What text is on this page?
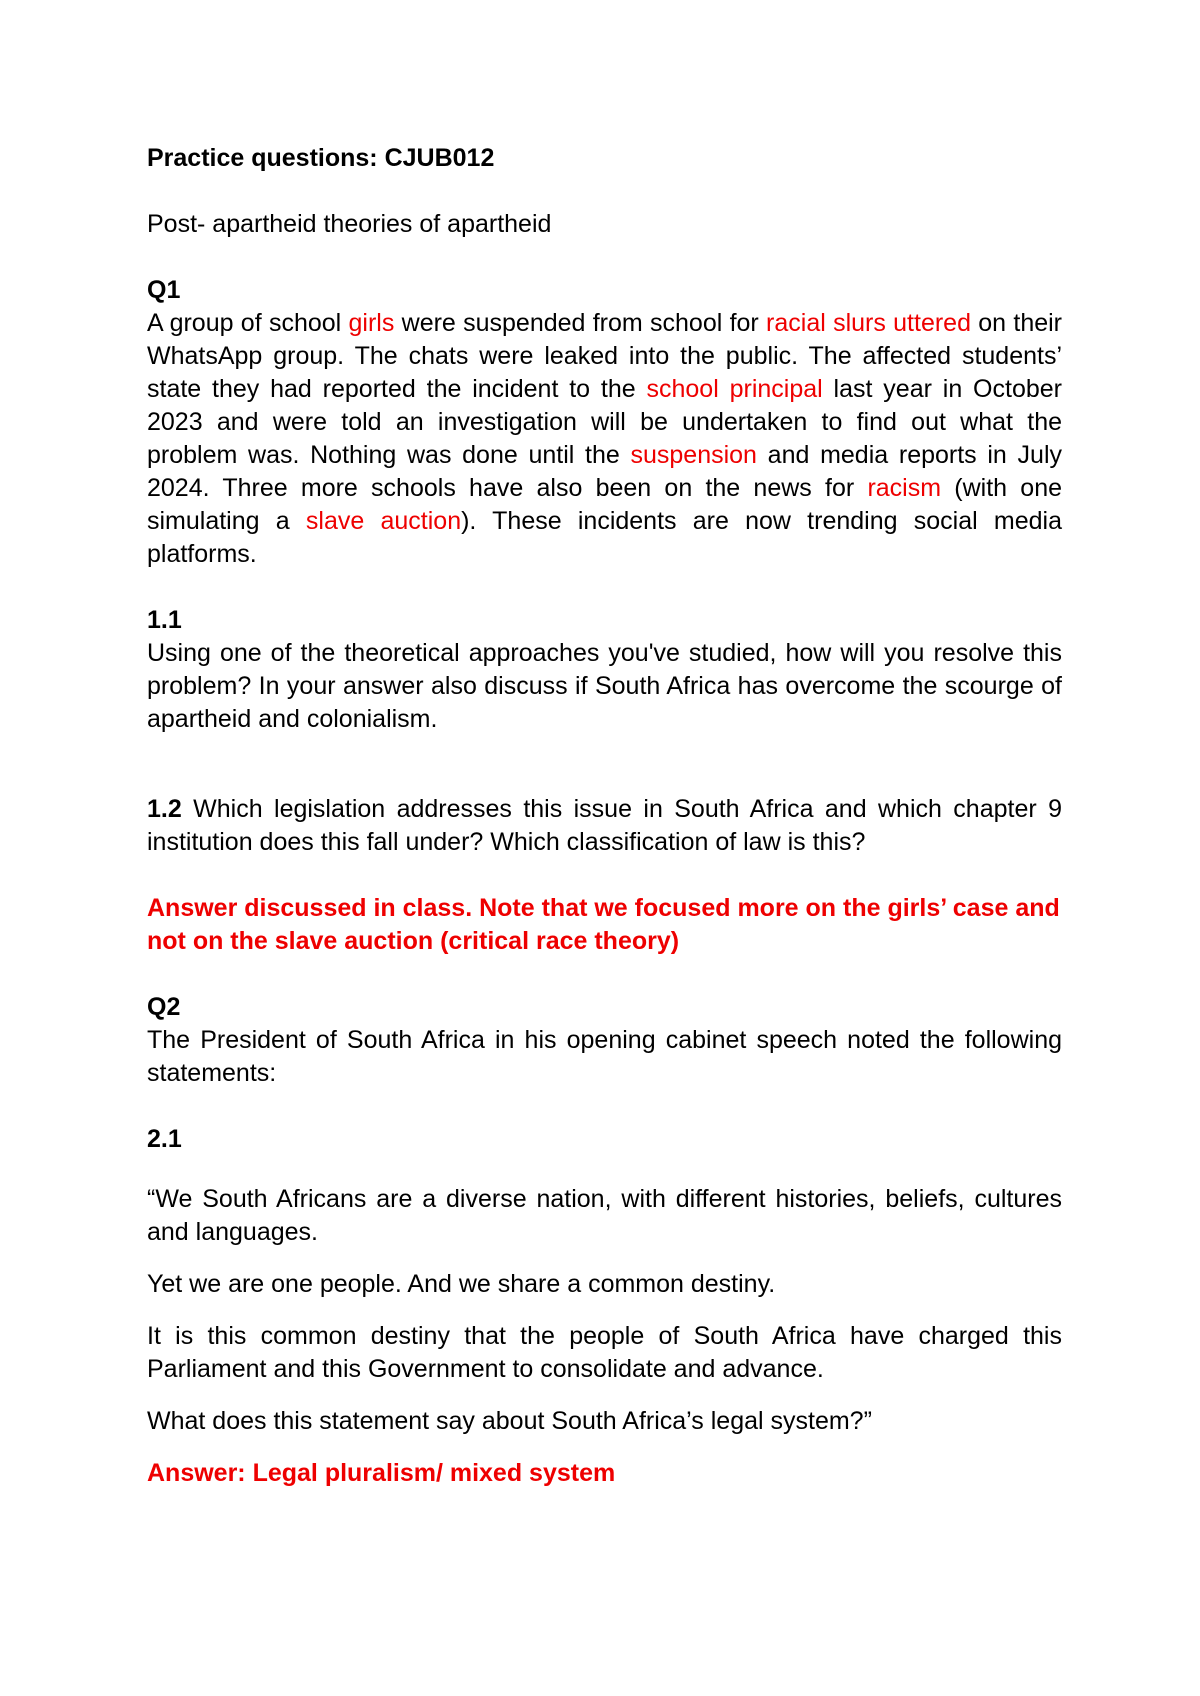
Practice questions: CJUB012

Post- apartheid theories of apartheid

Q1

A group of school girls were suspended from school for racial slurs uttered on their WhatsApp group. The chats were leaked into the public. The affected students’ state they had reported the incident to the school principal last year in October 2023 and were told an investigation will be undertaken to find out what the problem was. Nothing was done until the suspension and media reports in July 2024. Three more schools have also been on the news for racism (with one simulating a slave auction). These incidents are now trending social media platforms.

1.1

Using one of the theoretical approaches you've studied, how will you resolve this problem? In your answer also discuss if South Africa has overcome the scourge of apartheid and colonialism.

1.2 Which legislation addresses this issue in South Africa and which chapter 9 institution does this fall under? Which classification of law is this?

Answer discussed in class. Note that we focused more on the girls’ case and not on the slave auction (critical race theory)

Q2

The President of South Africa in his opening cabinet speech noted the following statements:

2.1

“We South Africans are a diverse nation, with different histories, beliefs, cultures and languages.

Yet we are one people. And we share a common destiny.

It is this common destiny that the people of South Africa have charged this Parliament and this Government to consolidate and advance.

What does this statement say about South Africa’s legal system?”

Answer: Legal pluralism/ mixed system
